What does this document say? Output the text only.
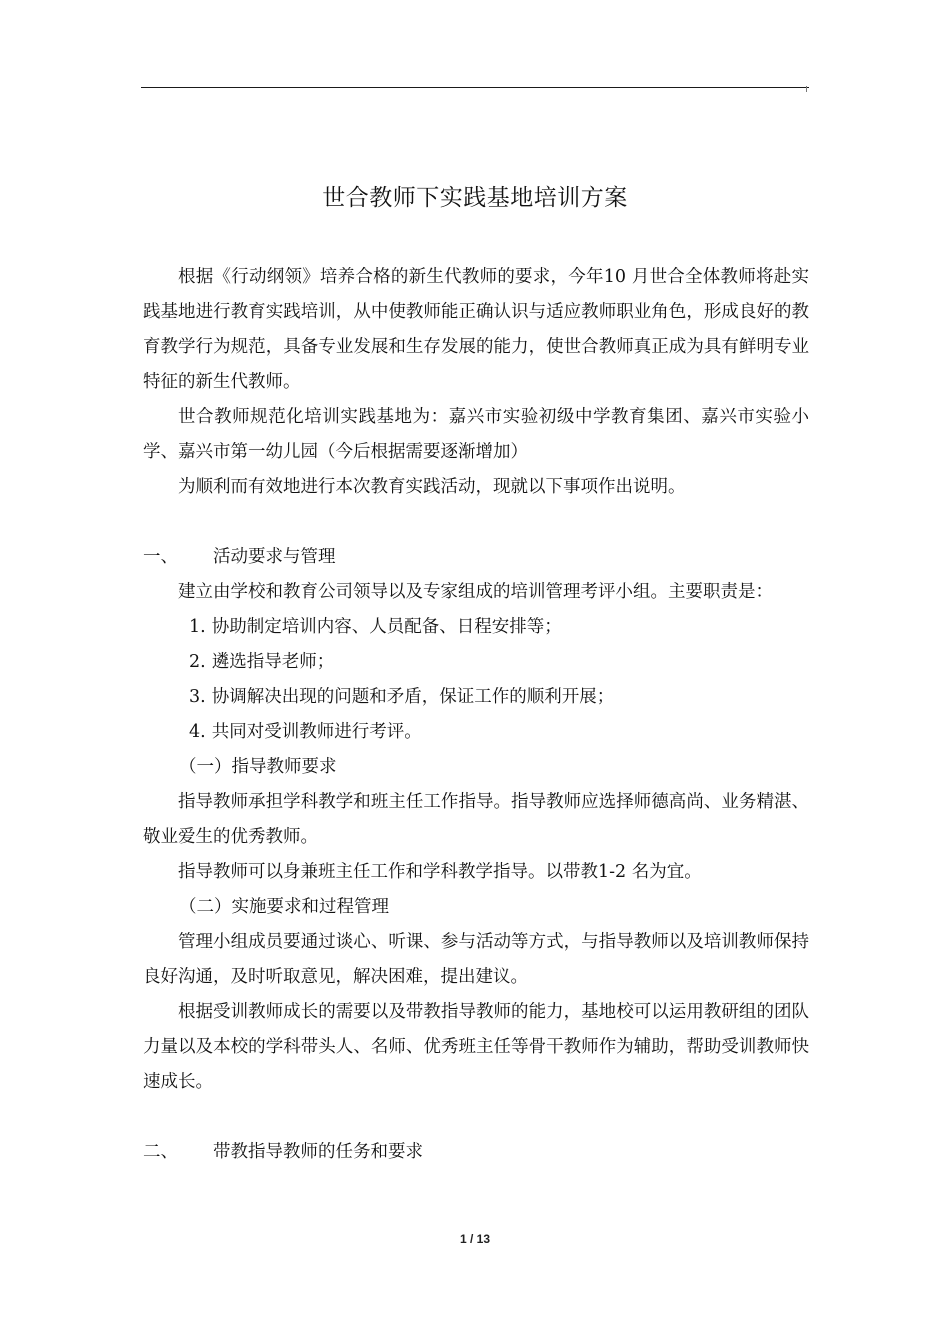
世合教师下实践基地培训方案

根据《行动纲领》培养合格的新生代教师的要求，今年10 月世合全体教师将赴实践基地进行教育实践培训，从中使教师能正确认识与适应教师职业角色，形成良好的教育教学行为规范，具备专业发展和生存发展的能力，使世合教师真正成为具有鲜明专业特征的新生代教师。

世合教师规范化培训实践基地为：嘉兴市实验初级中学教育集团、嘉兴市实验小学、嘉兴市第一幼儿园（今后根据需要逐渐增加）

为顺利而有效地进行本次教育实践活动，现就以下事项作出说明。

一、	活动要求与管理

建立由学校和教育公司领导以及专家组成的培训管理考评小组。主要职责是：

1. 协助制定培训内容、人员配备、日程安排等；

2. 遴选指导老师；

3. 协调解决出现的问题和矛盾，保证工作的顺利开展；

4. 共同对受训教师进行考评。

（一）指导教师要求

指导教师承担学科教学和班主任工作指导。指导教师应选择师德高尚、业务精湛、敬业爱生的优秀教师。

指导教师可以身兼班主任工作和学科教学指导。以带教1-2 名为宜。

（二）实施要求和过程管理

管理小组成员要通过谈心、听课、参与活动等方式，与指导教师以及培训教师保持良好沟通，及时听取意见，解决困难，提出建议。

根据受训教师成长的需要以及带教指导教师的能力，基地校可以运用教研组的团队力量以及本校的学科带头人、名师、优秀班主任等骨干教师作为辅助，帮助受训教师快速成长。

二、	带教指导教师的任务和要求

1 / 13
